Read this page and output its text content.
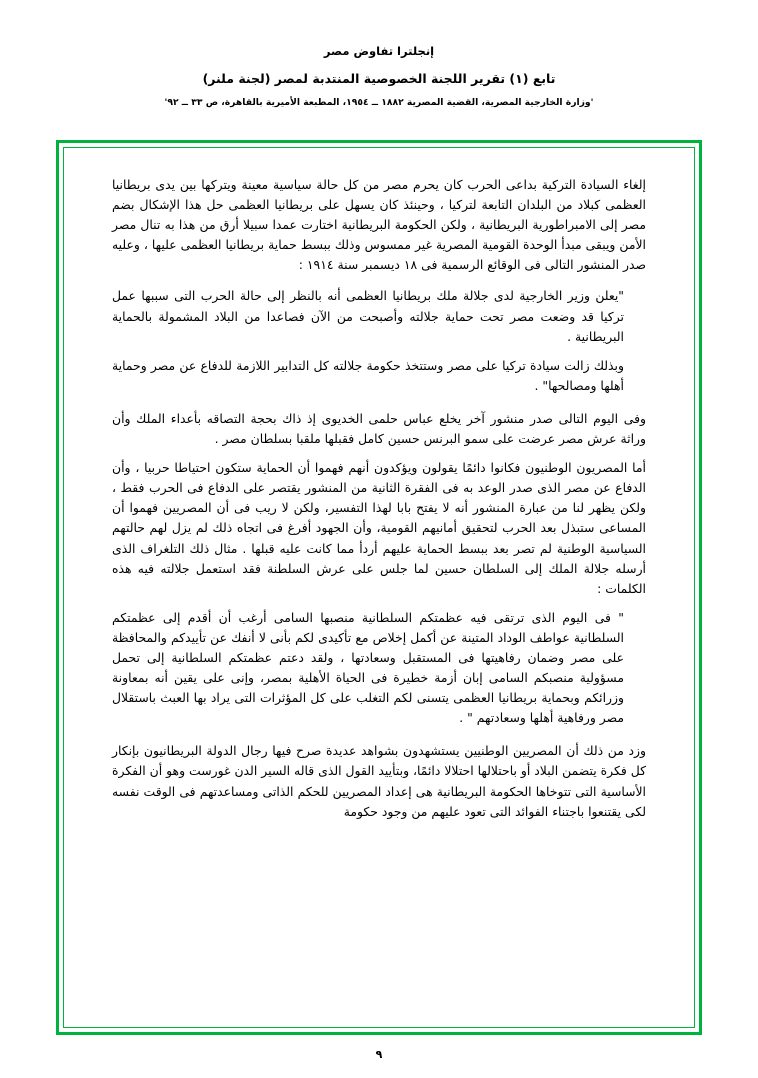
إنجلترا تفاوض مصر
تابع (١) تقرير اللجنة الخصوصية المنتدبة لمصر (لجنة ملنر)
'وزارة الخارجية المصرية، القضية المصرية ١٨٨٢ ــ ١٩٥٤، المطبعة الأميرية بالقاهرة، ص ٣٣ ــ ٩٢'

إلغاء السيادة التركية بداعى الحرب كان يحرم مصر من كل حالة سياسية معينة ويتركها بين يدى بريطانيا العظمى كبلاد من البلدان التابعة لتركيا ، وحينئذ كان يسهل على بريطانيا العظمى حل هذا الإشكال بضم مصر إلى الامبراطورية البريطانية ، ولكن الحكومة البريطانية اختارت عمدا سبيلا أرق من هذا به تنال مصر الأمن ويبقى مبدأ الوحدة القومية المصرية غير ممسوس وذلك ببسط حماية بريطانيا العظمى عليها ، وعليه صدر المنشور التالى فى الوقائع الرسمية فى ١٨ ديسمبر سنة ١٩١٤ :

"يعلن وزير الخارجية لدى جلالة ملك بريطانيا العظمى أنه بالنظر إلى حالة الحرب التى سببها عمل تركيا قد وضعت مصر تحت حماية جلالته وأصبحت من الآن فصاعدا من البلاد المشمولة بالحماية البريطانية .

وبذلك زالت سيادة تركيا على مصر وستتخذ حكومة جلالته كل التدابير اللازمة للدفاع عن مصر وحماية أهلها ومصالحها" .

وفى اليوم التالى صدر منشور آخر يخلع عباس حلمى الخديوى إذ ذاك بحجة التصاقه بأعداء الملك وأن وراثة عرش مصر عرضت على سمو البرنس حسين كامل فقبلها ملقبا بسلطان مصر .

أما المصريون الوطنيون فكانوا دائمًا يقولون ويؤكدون أنهم فهموا أن الحماية ستكون احتياطا حربيا ، وأن الدفاع عن مصر الذى صدر الوعد به فى الفقرة الثانية من المنشور يقتصر على الدفاع فى الحرب فقط ، ولكن يظهر لنا من عبارة المنشور أنه لا يفتح بابا لهذا التفسير، ولكن لا ريب فى أن المصريين فهموا أن المساعى ستبذل بعد الحرب لتحقيق أمانيهم القومية، وأن الجهود أفرغ فى اتجاه ذلك لم يزل لهم حالتهم السياسية الوطنية لم تصر بعد ببسط الحماية عليهم أردأ مما كانت عليه قبلها . مثال ذلك التلغراف الذى أرسله جلالة الملك إلى السلطان حسين لما جلس على عرش السلطنة فقد استعمل جلالته فيه هذه الكلمات :

" فى اليوم الذى ترتقى فيه عظمتكم السلطانية منصبها السامى أرغب أن أقدم إلى عظمتكم السلطانية عواطف الوداد المتينة عن أكمل إخلاص مع تأكيدى لكم بأنى لا أنفك عن تأييدكم والمحافظة على مصر وضمان رفاهيتها فى المستقبل وسعادتها ، ولقد دعتم عظمتكم السلطانية إلى تحمل مسؤولية منصبكم السامى إبان أزمة خطيرة فى الحياة الأهلية بمصر، وإنى على يقين أنه بمعاونة وزرائكم وبحماية بريطانيا العظمى يتسنى لكم التغلب على كل المؤثرات التى يراد بها العبث باستقلال مصر ورفاهية أهلها وسعادتهم " .

وزد من ذلك أن المصريين الوطنيين يستشهدون بشواهد عديدة صرح فيها رجال الدولة البريطانيون بإنكار كل فكرة يتضمن البلاد أو باحتلالها احتلالا دائمًا، وبتأييد القول الذى قاله السير الدن غورست وهو أن الفكرة الأساسية التى تتوخاها الحكومة البريطانية هى إعداد المصريين للحكم الذاتى ومساعدتهم فى الوقت نفسه لكى يقتنعوا باجتناء الفوائد التى تعود عليهم من وجود حكومة

٩
